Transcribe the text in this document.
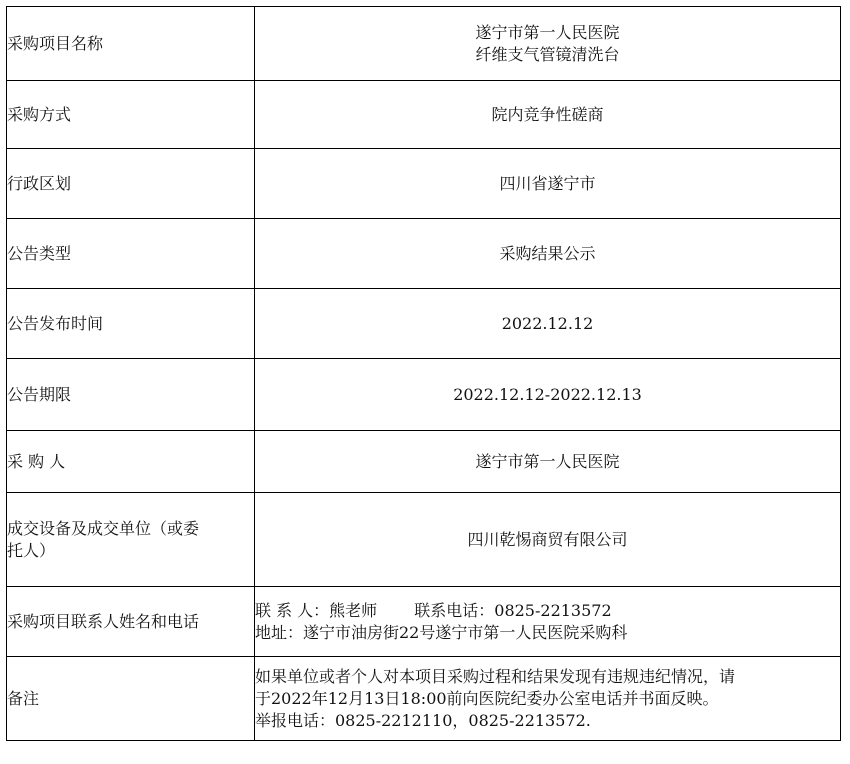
采购项目名称	遂宁市第一人民医院
纤维支气管镜清洗台

采购方式	院内竞争性磋商
行政区划	四川省遂宁市
公告类型	采购结果公示
公告发布时间	2022.12.12
公告期限	2022.12.12-2022.12.13
采 购 人	遂宁市第一人民医院

成交设备及成交单位（或委
托人）	四川乾惕商贸有限公司
采购项目联系人姓名和电话	联 系 人：熊老师　　 联系电话：0825-2213572
地址：遂宁市油房街22号遂宁市第一人民医院采购科

备注	如果单位或者个人对本项目采购过程和结果发现有违规违纪情况，请
于2022年12月13日18:00前向医院纪委办公室电话并书面反映。
举报电话：0825-2212110，0825-2213572.
